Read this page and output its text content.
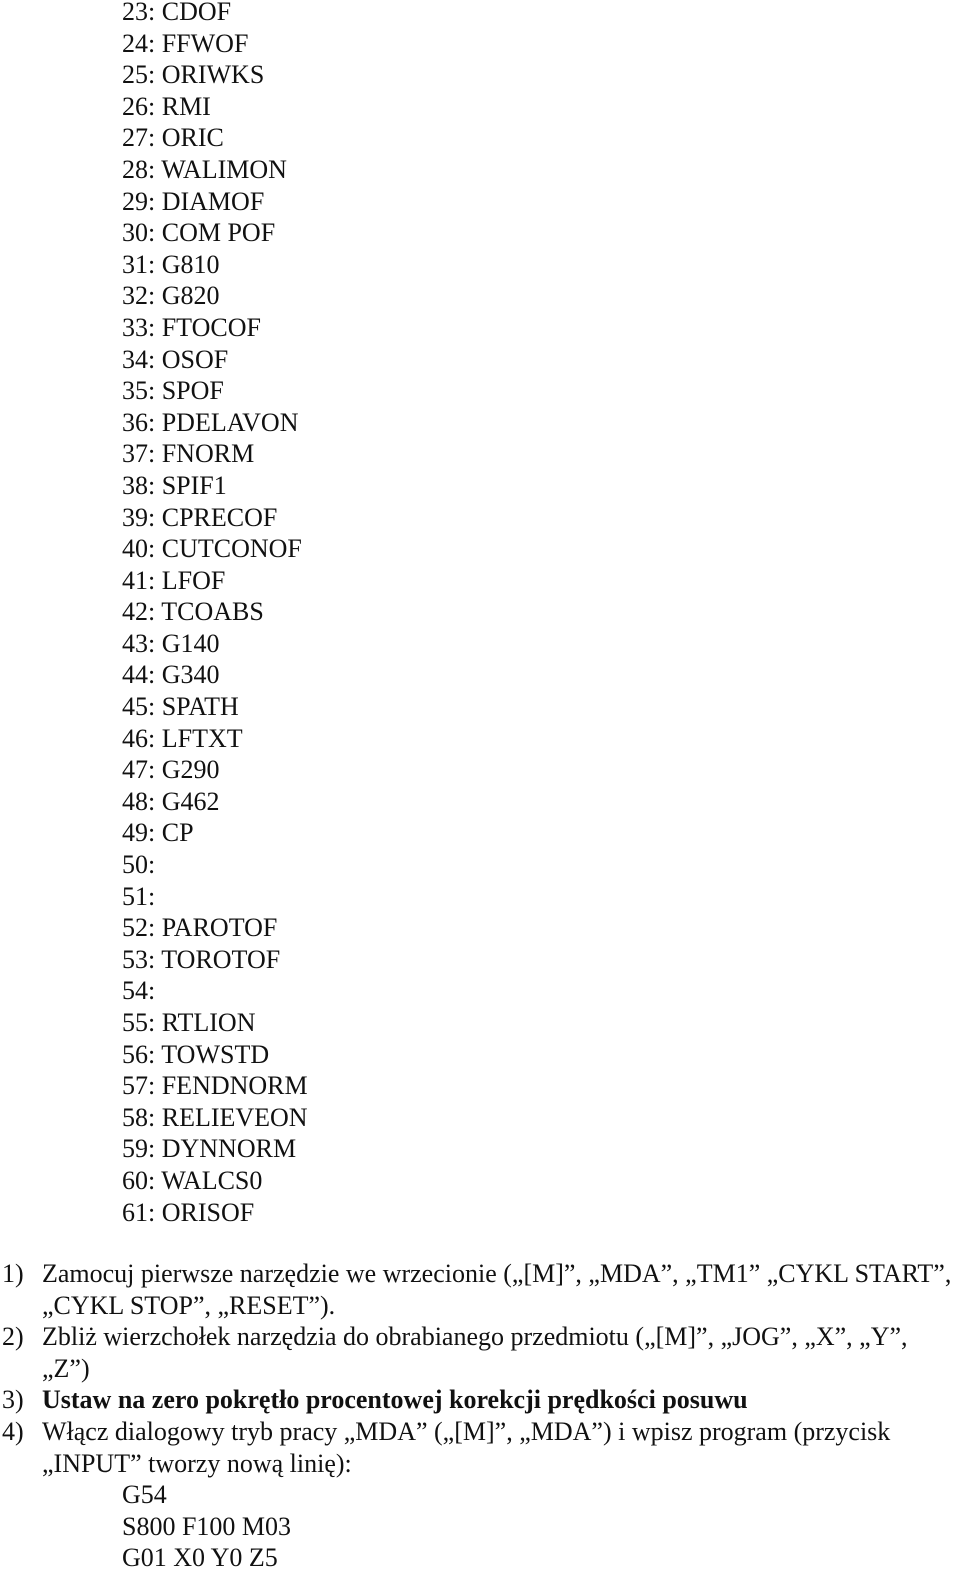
23: CDOF
24: FFWOF
25: ORIWKS
26: RMI
27: ORIC
28: WALIMON
29: DIAMOF
30: COM POF
31: G810
32: G820
33: FTOCOF
34: OSOF
35: SPOF
36: PDELAVON
37: FNORM
38: SPIF1
39: CPRECOF
40: CUTCONOF
41: LFOF
42: TCOABS
43: G140
44: G340
45: SPATH
46: LFTXT
47: G290
48: G462
49: CP
50:
51:
52: PAROTOF
53: TOROTOF
54:
55: RTLION
56: TOWSTD
57: FENDNORM
58: RELIEVEON
59: DYNNORM
60: WALCS0
61: ORISOF
1) Zamocuj pierwsze narzędzie we wrzecionie („[M]”, „MDA”, „TM1” „CYKL START”, „CYKL STOP”, „RESET”).
2) Zbliż wierzchołek narzędzia do obrabianego przedmiotu („[M]”, „JOG”, „X”, „Y”, „Z”)
3) Ustaw na zero pokrętło procentowej korekcji prędkości posuwu
4) Włącz dialogowy tryb pracy „MDA” („[M]”, „MDA”) i wpisz program (przycisk „INPUT” tworzy nową linię):
G54
S800 F100 M03
G01 X0 Y0 Z5
